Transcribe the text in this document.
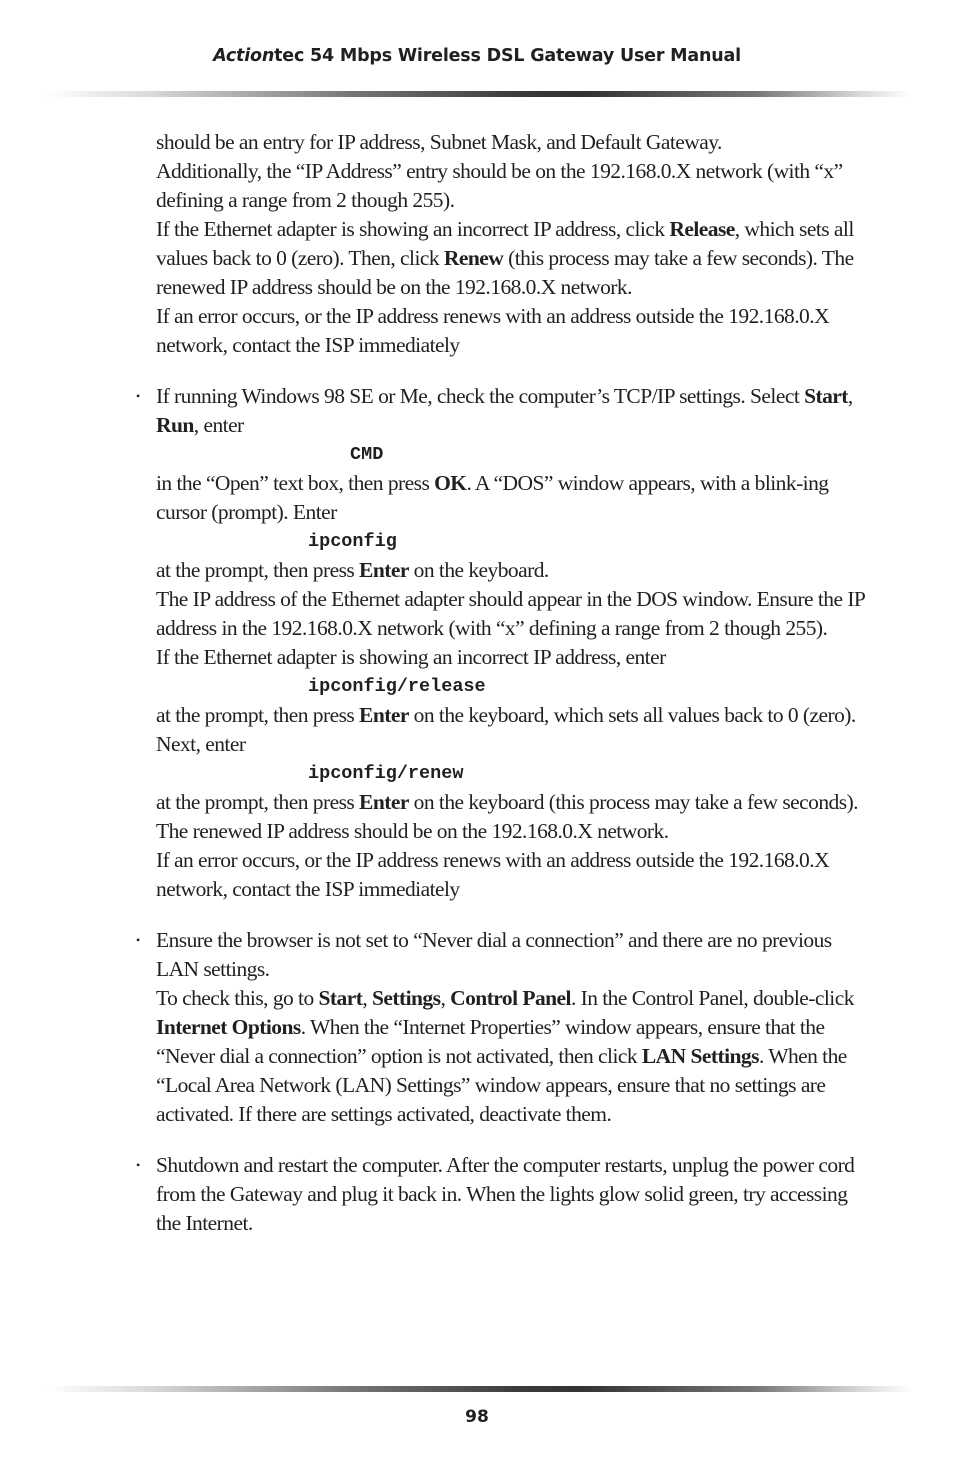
Actiontec 54 Mbps Wireless DSL Gateway User Manual

should be an entry for IP address, Subnet Mask, and Default Gateway.

Additionally, the “IP Address” entry should be on the 192.168.0.X network (with “x” defining a range from 2 though 255).

If the Ethernet adapter is showing an incorrect IP address, click Release, which sets all values back to 0 (zero). Then, click Renew (this process may take a few seconds). The renewed IP address should be on the 192.168.0.X network.

If an error occurs, or the IP address renews with an address outside the 192.168.0.X network, contact the ISP immediately

• If running Windows 98 SE or Me, check the computer’s TCP/IP settings. Select Start, Run, enter

CMD

in the “Open” text box, then press OK. A “DOS” window appears, with a blink-ing cursor (prompt). Enter

ipconfig

at the prompt, then press Enter on the keyboard.

The IP address of the Ethernet adapter should appear in the DOS window. Ensure the IP address in the 192.168.0.X network (with “x” defining a range from 2 though 255).

If the Ethernet adapter is showing an incorrect IP address, enter

ipconfig/release

at the prompt, then press Enter on the keyboard, which sets all values back to 0 (zero). Next, enter

ipconfig/renew

at the prompt, then press Enter on the keyboard (this process may take a few seconds). The renewed IP address should be on the 192.168.0.X network.

If an error occurs, or the IP address renews with an address outside the 192.168.0.X network, contact the ISP immediately

• Ensure the browser is not set to “Never dial a connection” and there are no previous LAN settings.

To check this, go to Start, Settings, Control Panel. In the Control Panel, double-click Internet Options. When the “Internet Properties” window appears, ensure that the “Never dial a connection” option is not activated, then click LAN Settings. When the “Local Area Network (LAN) Settings” window appears, ensure that no settings are activated. If there are settings activated, deactivate them.

• Shutdown and restart the computer. After the computer restarts, unplug the power cord from the Gateway and plug it back in. When the lights glow solid green, try accessing the Internet.

98
